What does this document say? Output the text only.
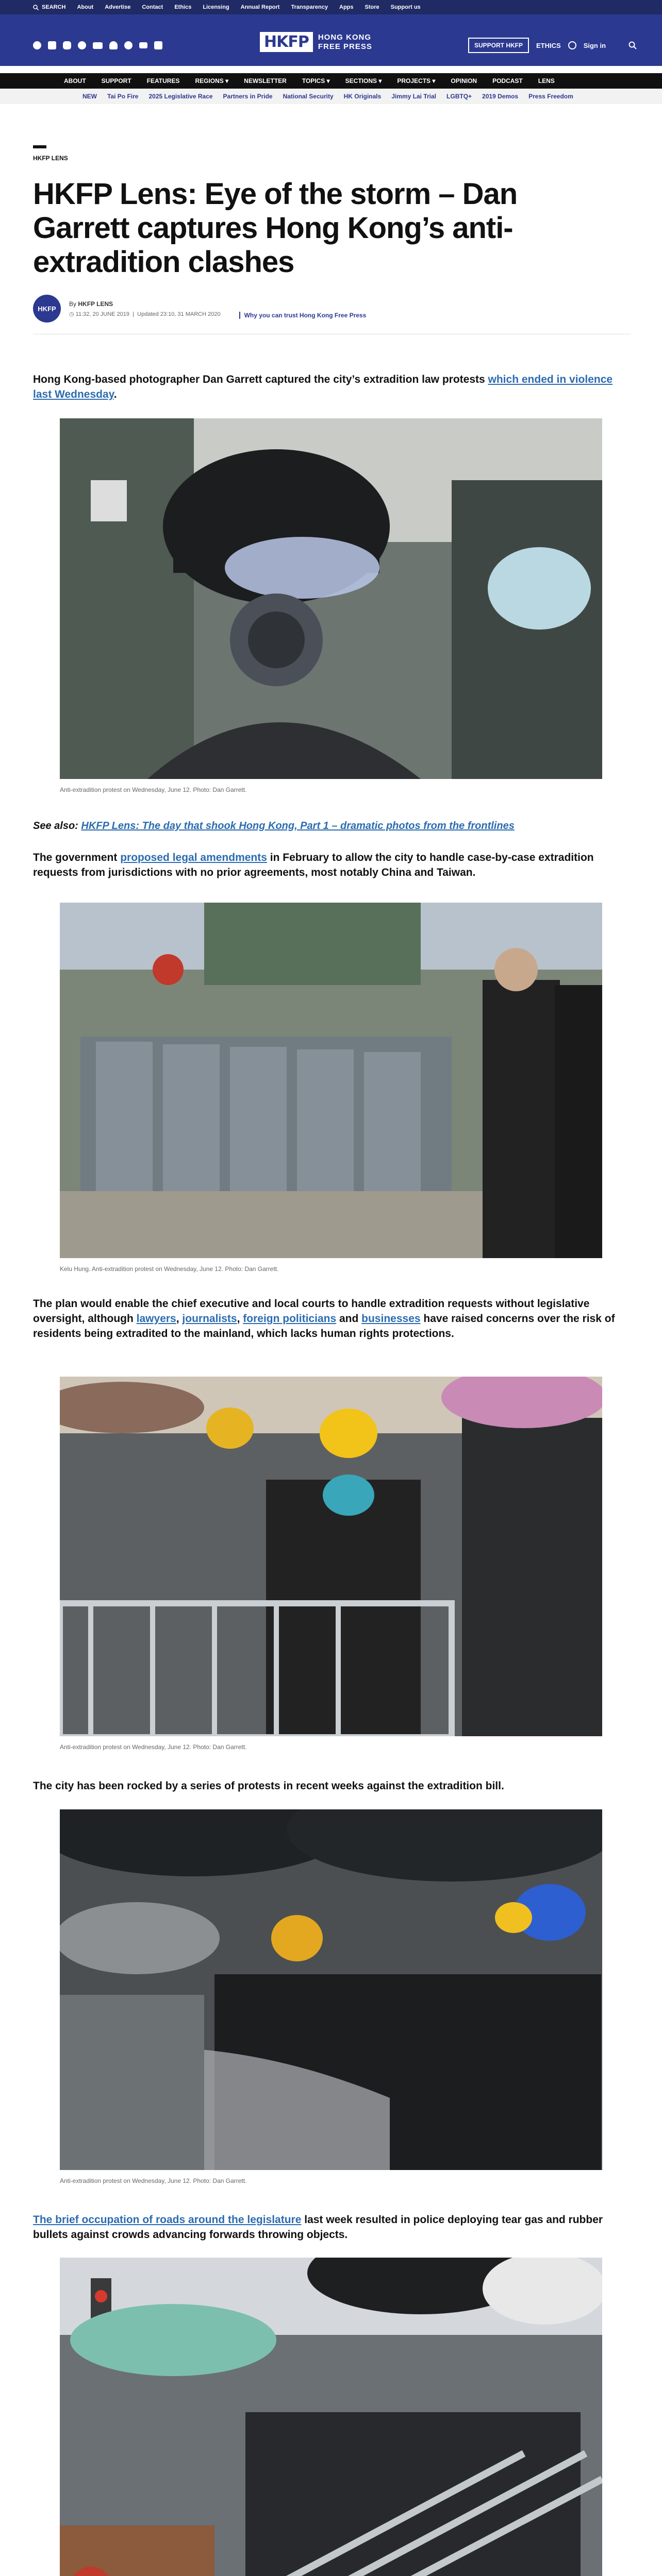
SEARCH About Advertise Contact Ethics Licensing Annual Report Transparency Apps Store Support us
HKFP	HONG KONG
FREE PRESS	SUPPORT HKFP	ETHICS	Sign in
ABOUT	SUPPORT	FEATURES	REGIONS ▾	NEWSLETTER	TOPICS ▾	SECTIONS ▾	PROJECTS ▾	OPINION	PODCAST	LENS
NEW Tai Po Fire 2025 Legislative Race Partners in Pride National Security HK Originals Jimmy Lai Trial LGBTQ+ 2019 Demos Press Freedom
HKFP LENS
HKFP Lens: Eye of the storm – Dan Garrett captures Hong Kong’s anti-extradition clashes
HKFP
By HKFP LENS
◷ 11:32, 20 JUNE 2019  |  Updated 23:10, 31 MARCH 2020	Why you can trust Hong Kong Free Press

Hong Kong-based photographer Dan Garrett captured the city’s extradition law protests which ended in violence last Wednesday.

Anti-extradition protest on Wednesday, June 12. Photo: Dan Garrett.

See also: HKFP Lens: The day that shook Hong Kong, Part 1 – dramatic photos from the frontlines

The government proposed legal amendments in February to allow the city to handle case-by-case extradition requests from jurisdictions with no prior agreements, most notably China and Taiwan.

Kelu Hung. Anti-extradition protest on Wednesday, June 12. Photo: Dan Garrett.

The plan would enable the chief executive and local courts to handle extradition requests without legislative oversight, although lawyers, journalists, foreign politicians and businesses have raised concerns over the risk of residents being extradited to the mainland, which lacks human rights protections.

Anti-extradition protest on Wednesday, June 12. Photo: Dan Garrett.

The city has been rocked by a series of protests in recent weeks against the extradition bill.

Anti-extradition protest on Wednesday, June 12. Photo: Dan Garrett.

The brief occupation of roads around the legislature last week resulted in police deploying tear gas and rubber bullets against crowds advancing forwards throwing objects.
